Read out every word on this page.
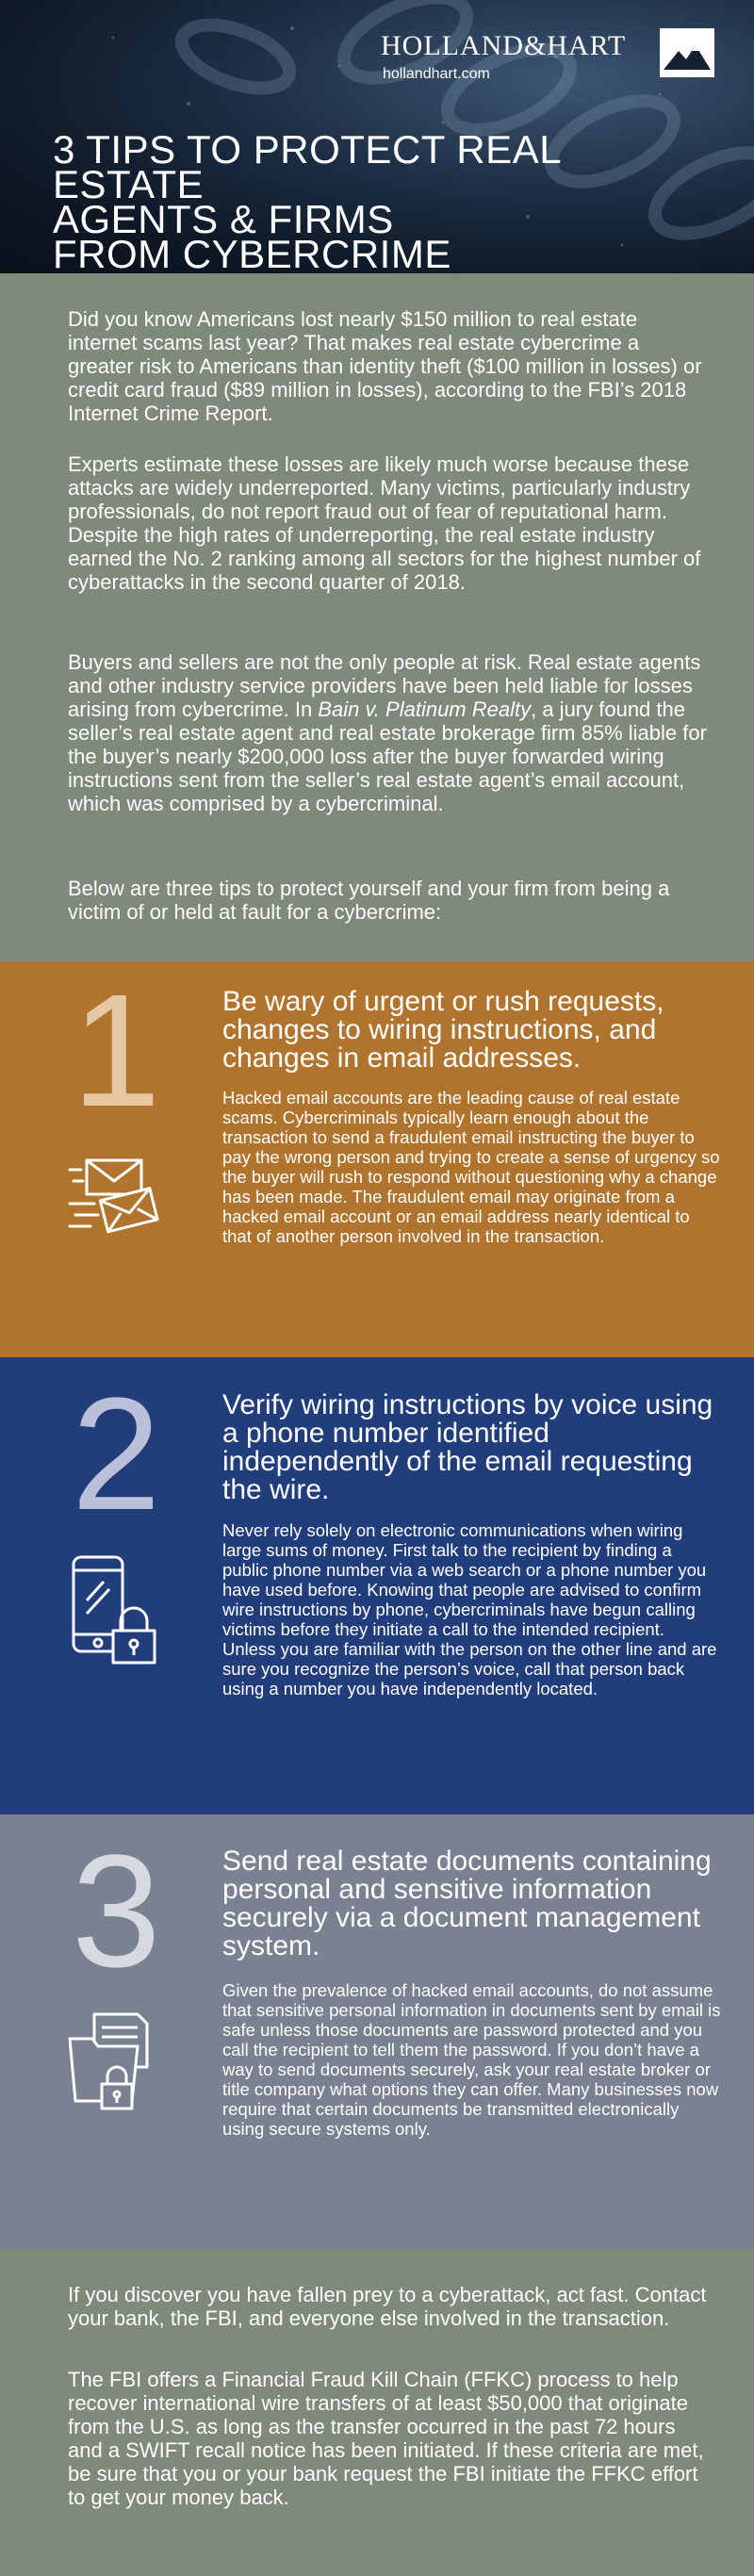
HOLLAND&HART
hollandhart.com
3 TIPS TO PROTECT REAL ESTATE
AGENTS & FIRMS
FROM CYBERCRIME

Did you know Americans lost nearly $150 million to real estate internet scams last year? That makes real estate cybercrime a greater risk to Americans than identity theft ($100 million in losses) or credit card fraud ($89 million in losses), according to the FBI’s 2018 Internet Crime Report.

Experts estimate these losses are likely much worse because these attacks are widely underreported. Many victims, particularly industry professionals, do not report fraud out of fear of reputational harm. Despite the high rates of underreporting, the real estate industry earned the No. 2 ranking among all sectors for the highest number of cyberattacks in the second quarter of 2018.

Buyers and sellers are not the only people at risk. Real estate agents and other industry service providers have been held liable for losses arising from cybercrime. In Bain v. Platinum Realty, a jury found the seller’s real estate agent and real estate brokerage firm 85% liable for the buyer’s nearly $200,000 loss after the buyer forwarded wiring instructions sent from the seller’s real estate agent’s email account, which was comprised by a cybercriminal.

Below are three tips to protect yourself and your firm from being a victim of or held at fault for a cybercrime:

1 Be wary of urgent or rush requests, changes to wiring instructions, and changes in email addresses.

Hacked email accounts are the leading cause of real estate scams. Cybercriminals typically learn enough about the transaction to send a fraudulent email instructing the buyer to pay the wrong person and trying to create a sense of urgency so the buyer will rush to respond without questioning why a change has been made. The fraudulent email may originate from a hacked email account or an email address nearly identical to that of another person involved in the transaction.

2 Verify wiring instructions by voice using a phone number identified independently of the email requesting the wire.

Never rely solely on electronic communications when wiring large sums of money. First talk to the recipient by finding a public phone number via a web search or a phone number you have used before. Knowing that people are advised to confirm wire instructions by phone, cybercriminals have begun calling victims before they initiate a call to the intended recipient. Unless you are familiar with the person on the other line and are sure you recognize the person’s voice, call that person back using a number you have independently located.

3 Send real estate documents containing personal and sensitive information securely via a document management system.

Given the prevalence of hacked email accounts, do not assume that sensitive personal information in documents sent by email is safe unless those documents are password protected and you call the recipient to tell them the password. If you don’t have a way to send documents securely, ask your real estate broker or title company what options they can offer. Many businesses now require that certain documents be transmitted electronically using secure systems only.

If you discover you have fallen prey to a cyberattack, act fast. Contact your bank, the FBI, and everyone else involved in the transaction.

The FBI offers a Financial Fraud Kill Chain (FFKC) process to help recover international wire transfers of at least $50,000 that originate from the U.S. as long as the transfer occurred in the past 72 hours and a SWIFT recall notice has been initiated. If these criteria are met, be sure that you or your bank request the FBI initiate the FFKC effort to get your money back.
